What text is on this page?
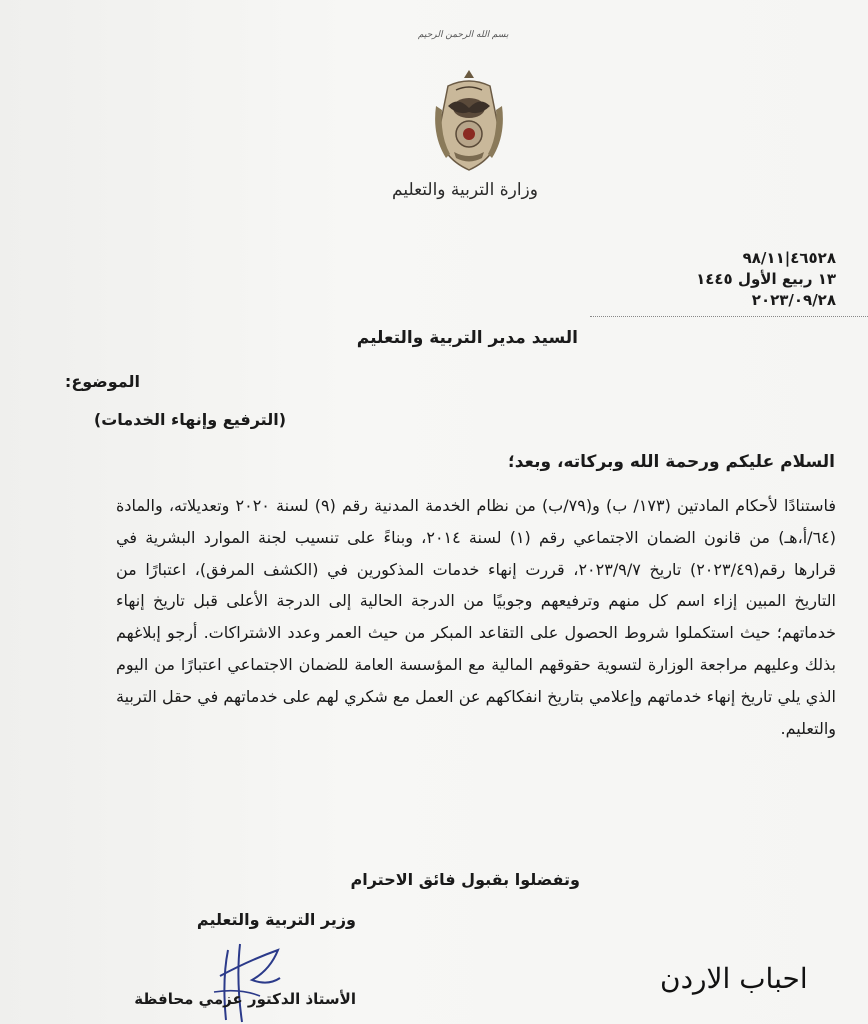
بسم الله الرحمن الرحيم
وزارة التربية والتعليم
٤٦٥٢٨|٩٨/١١
١٣ ربيع الأول ١٤٤٥
٢٠٢٣/٠٩/٢٨
السيد مدير التربية والتعليم
الموضوع:
(الترفيع وإنهاء الخدمات)
السلام عليكم ورحمة الله وبركاته، وبعد؛
فاستنادًا لأحكام المادتين (١٧٣/ ب) و(٧٩/ب) من نظام الخدمة المدنية رقم (٩) لسنة ٢٠٢٠ وتعديلاته، والمادة (٦٤/أ،هـ) من قانون الضمان الاجتماعي رقم (١) لسنة ٢٠١٤، وبناءً على تنسيب لجنة الموارد البشرية في قرارها رقم(٢٠٢٣/٤٩) تاريخ ٢٠٢٣/٩/٧، قررت إنهاء خدمات المذكورين في (الكشف المرفق)، اعتبارًا من التاريخ المبين إزاء اسم كل منهم وترفيعهم وجوبيًا من الدرجة الحالية إلى الدرجة الأعلى قبل تاريخ إنهاء خدماتهم؛ حيث استكملوا شروط الحصول على التقاعد المبكر من حيث العمر وعدد الاشتراكات. أرجو إبلاغهم بذلك وعليهم مراجعة الوزارة لتسوية حقوقهم المالية مع المؤسسة العامة للضمان الاجتماعي اعتبارًا من اليوم الذي يلي تاريخ إنهاء خدماتهم وإعلامي بتاريخ انفكاكهم عن العمل مع شكري لهم على خدماتهم في حقل التربية والتعليم.
وتفضلوا بقبول فائق الاحترام
وزير التربية والتعليم
الأستاذ الدكتور عزمي محافظة
احباب الاردن
